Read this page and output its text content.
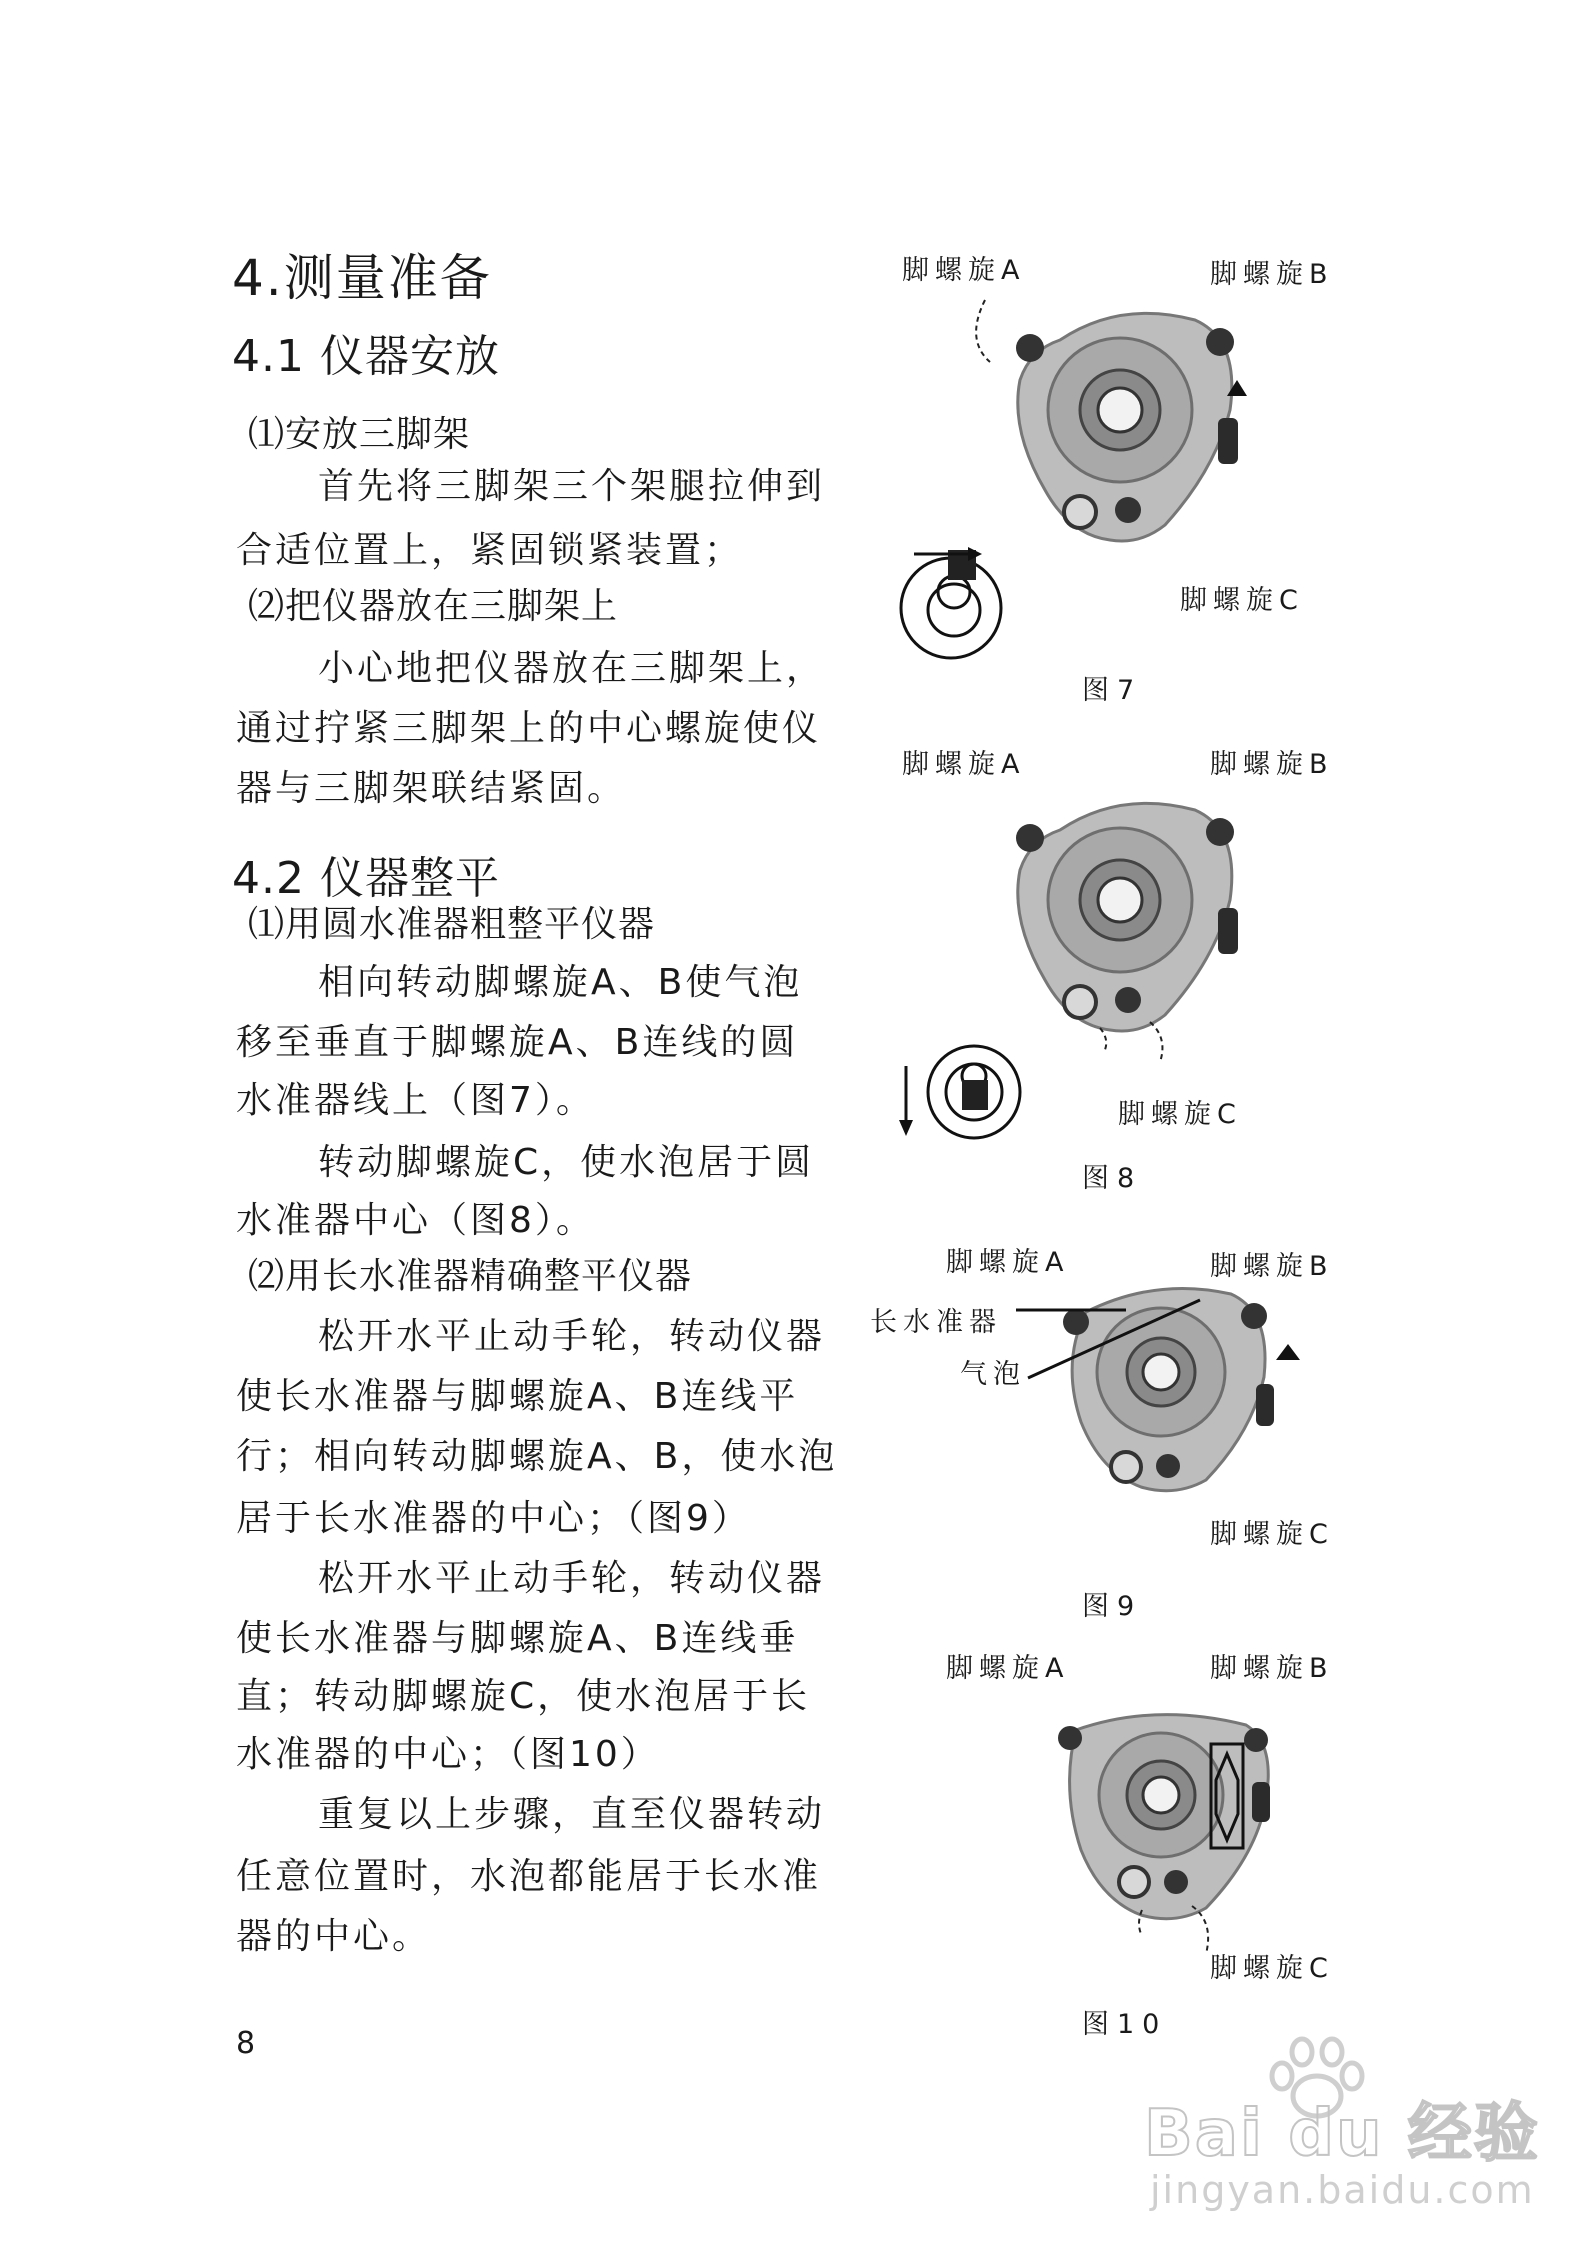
4.测量准备
4.1 仪器安放
⑴安放三脚架
首先将三脚架三个架腿拉伸到
合适位置上，紧固锁紧装置；
⑵把仪器放在三脚架上
小心地把仪器放在三脚架上，
通过拧紧三脚架上的中心螺旋使仪
器与三脚架联结紧固。
4.2 仪器整平
⑴用圆水准器粗整平仪器
相向转动脚螺旋A、B使气泡
移至垂直于脚螺旋A、B连线的圆
水准器线上（图7）。
转动脚螺旋C，使水泡居于圆
水准器中心（图8）。
⑵用长水准器精确整平仪器
松开水平止动手轮，转动仪器
使长水准器与脚螺旋A、B连线平
行；相向转动脚螺旋A、B，使水泡
居于长水准器的中心；（图9）
松开水平止动手轮，转动仪器
使长水准器与脚螺旋A、B连线垂
直；转动脚螺旋C，使水泡居于长
水准器的中心；（图10）
重复以上步骤，直至仪器转动
任意位置时，水泡都能居于长水准
器的中心。
8
脚螺旋A	脚螺旋B
脚螺旋C
图7
脚螺旋A	脚螺旋B
脚螺旋C
图8
脚螺旋A	脚螺旋B
长水准器
气泡
脚螺旋C
图9
脚螺旋A	脚螺旋B
脚螺旋C
图10
Bai du 经验
jingyan.baidu.com
